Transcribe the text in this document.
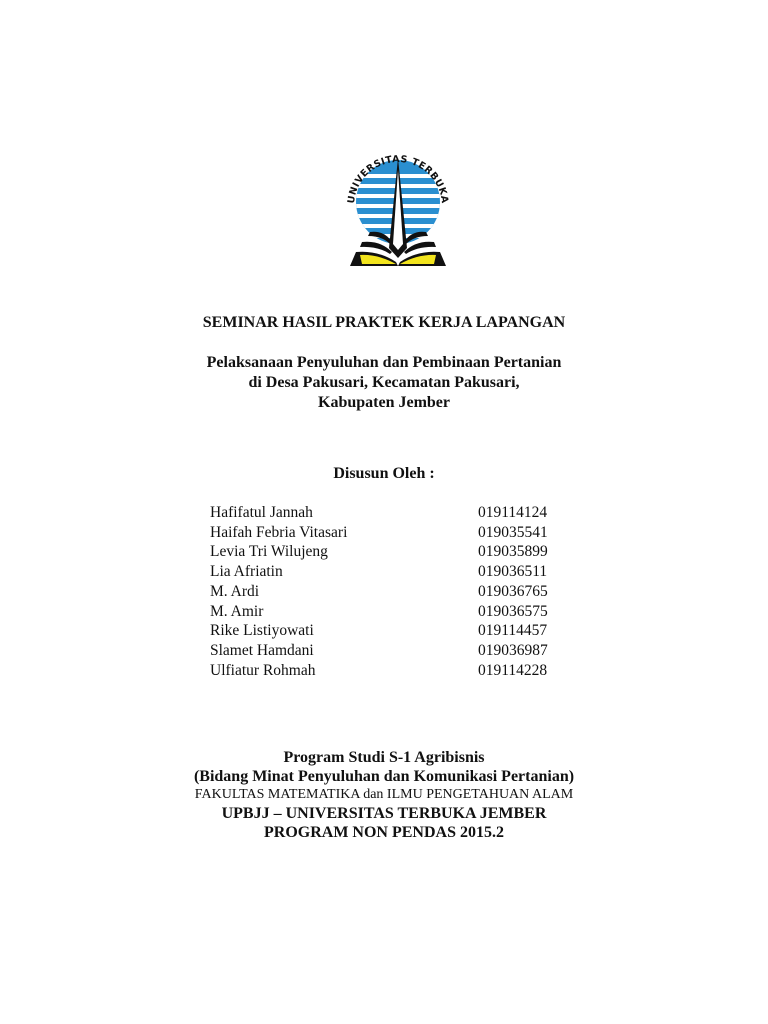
UNIVERSITAS TERBUKA
SEMINAR HASIL PRAKTEK KERJA LAPANGAN
Pelaksanaan Penyuluhan dan Pembinaan Pertanian
di Desa Pakusari, Kecamatan Pakusari,
Kabupaten Jember
Disusun Oleh :
Hafifatul Jannah	019114124
Haifah Febria Vitasari	019035541
Levia Tri Wilujeng	019035899
Lia Afriatin	019036511
M. Ardi	019036765
M. Amir	019036575
Rike Listiyowati	019114457
Slamet Hamdani	019036987
Ulfiatur Rohmah	019114228
Program Studi S-1 Agribisnis
(Bidang Minat Penyuluhan dan Komunikasi Pertanian)
FAKULTAS MATEMATIKA dan ILMU PENGETAHUAN ALAM
UPBJJ – UNIVERSITAS TERBUKA JEMBER
PROGRAM NON PENDAS 2015.2
